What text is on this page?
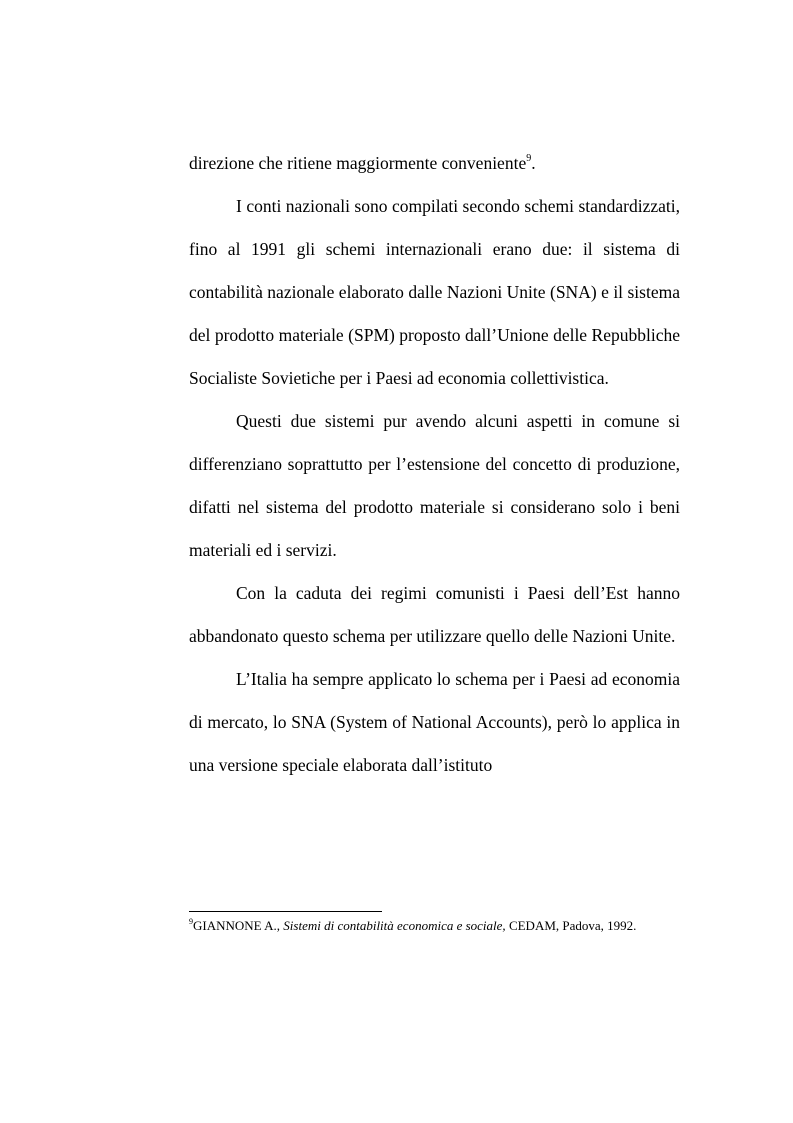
direzione che ritiene maggiormente conveniente$^9$.

I conti nazionali sono compilati secondo schemi standardizzati, fino al 1991 gli schemi internazionali erano due: il sistema di contabilità nazionale elaborato dalle Nazioni Unite (SNA) e il sistema del prodotto materiale (SPM) proposto dall’Unione delle Repubbliche Socialiste Sovietiche per i Paesi ad economia collettivistica.

Questi due sistemi pur avendo alcuni aspetti in comune si differenziano soprattutto per l’estensione del concetto di produzione, difatti nel sistema del prodotto materiale si considerano solo i beni materiali ed i servizi.

Con la caduta dei regimi comunisti i Paesi dell’Est hanno abbandonato questo schema per utilizzare quello delle Nazioni Unite.

L’Italia ha sempre applicato lo schema per i Paesi ad economia di mercato, lo SNA (System of National Accounts), però lo applica in una versione speciale elaborata dall’istituto

$^9$GIANNONE A., Sistemi di contabilità economica e sociale, CEDAM, Padova, 1992.
